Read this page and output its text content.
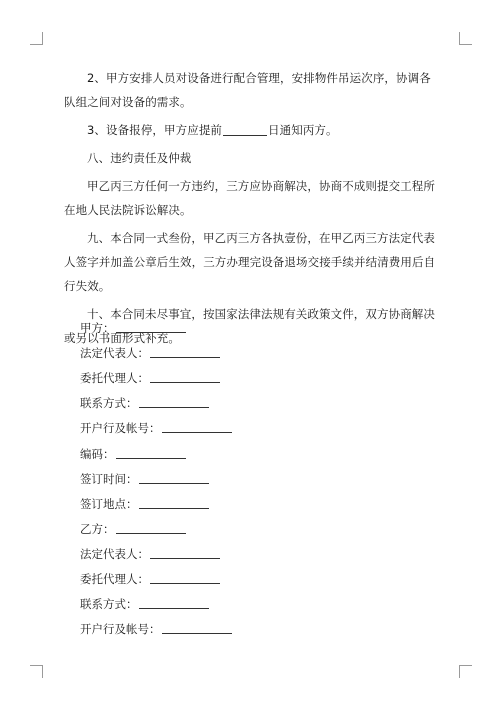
2、甲方安排人员对设备进行配合管理，安排物件吊运次序，协调各队组之间对设备的需求。

3、设备报停，甲方应提前	日通知丙方。

八、违约责任及仲裁

甲乙丙三方任何一方违约，三方应协商解决，协商不成则提交工程所在地人民法院诉讼解决。

九、本合同一式叁份，甲乙丙三方各执壹份，在甲乙丙三方法定代表人签字并加盖公章后生效，三方办理完设备退场交接手续并结清费用后自行失效。

十、本合同未尽事宜，按国家法律法规有关政策文件，双方协商解决或另以书面形式补充。

甲方：
法定代表人：
委托代理人：
联系方式：
开户行及帐号：
编码：
签订时间：
签订地点：
乙方：
法定代表人：
委托代理人：
联系方式：
开户行及帐号：
